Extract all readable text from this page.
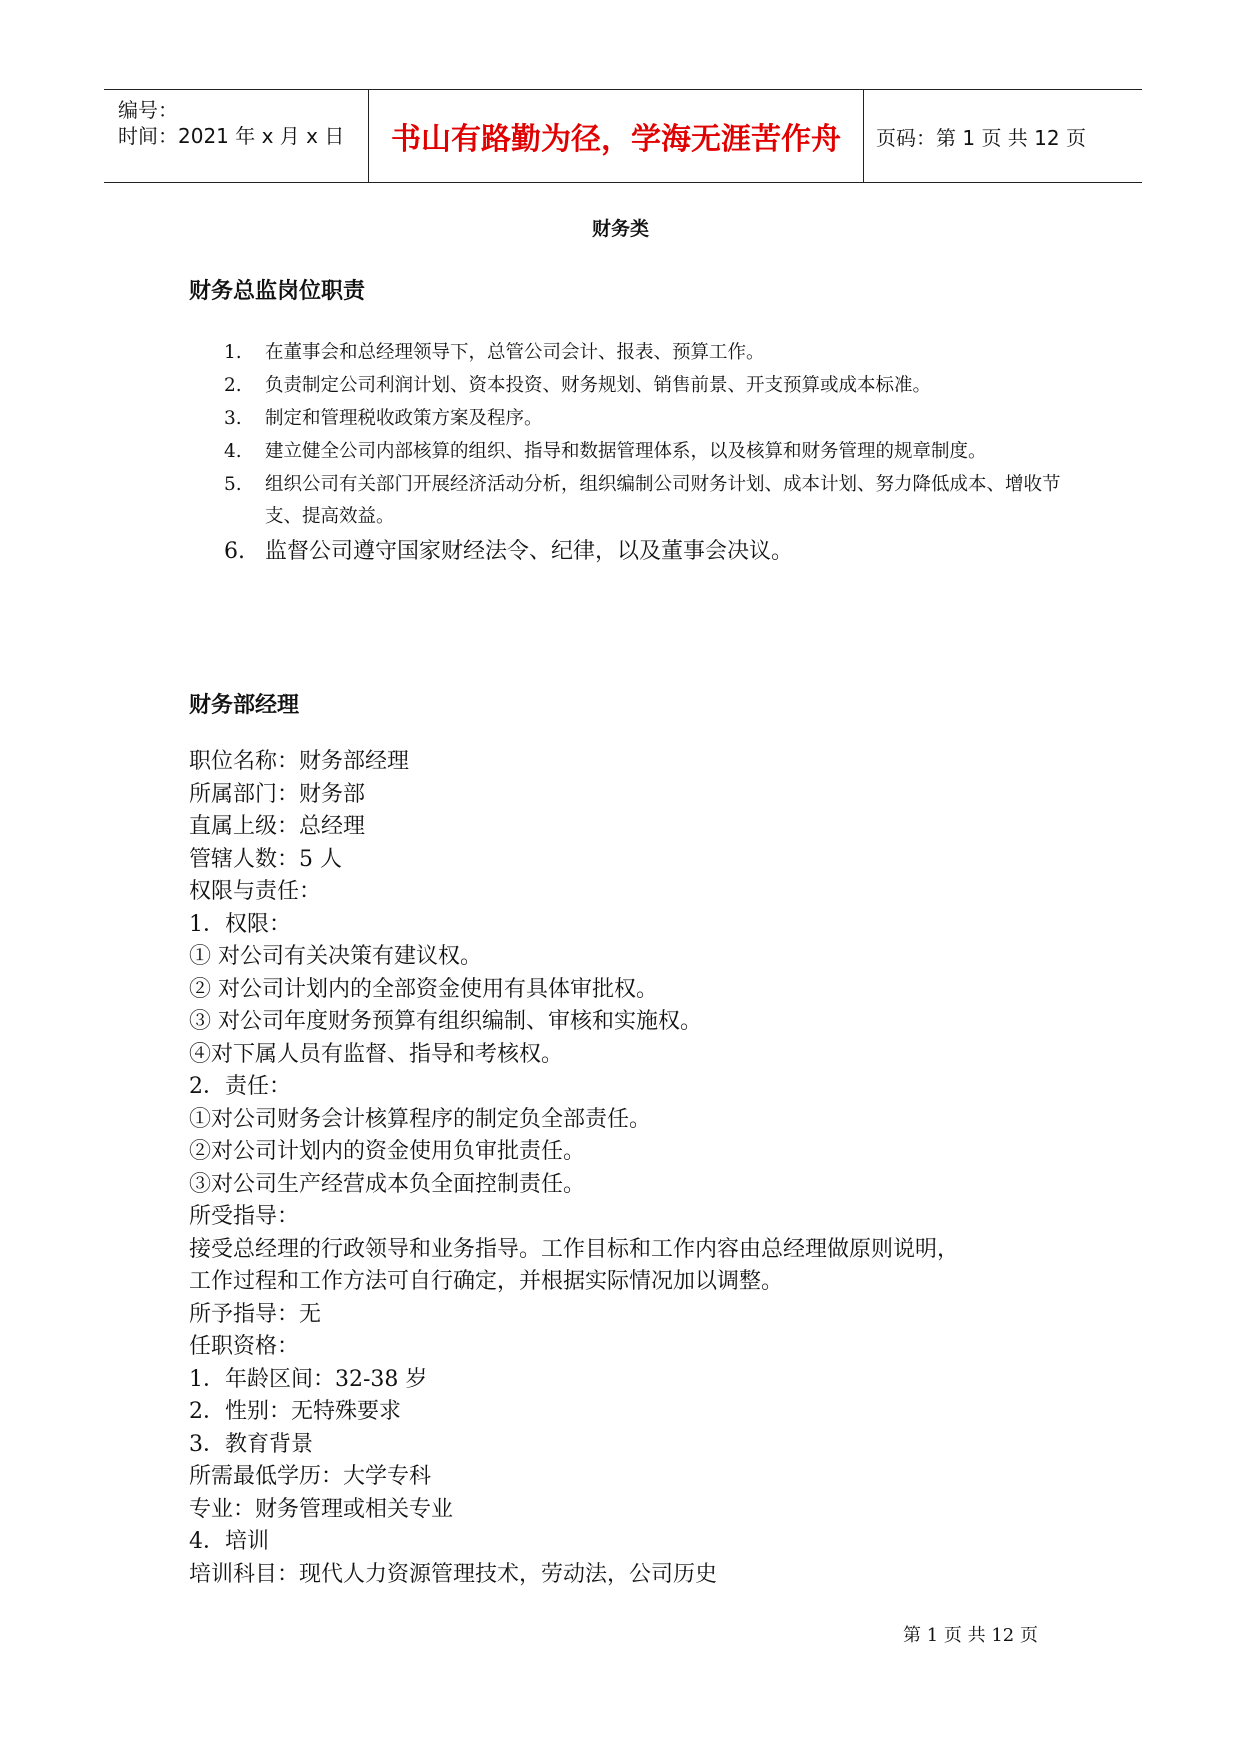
编号：
时间：2021 年 x 月 x 日 书山有路勤为径，学海无涯苦作舟 页码：第 1 页 共 12 页
财务类
财务总监岗位职责
1. 在董事会和总经理领导下，总管公司会计、报表、预算工作。
2. 负责制定公司利润计划、资本投资、财务规划、销售前景、开支预算或成本标准。
3. 制定和管理税收政策方案及程序。
4. 建立健全公司内部核算的组织、指导和数据管理体系，以及核算和财务管理的规章制度。
5. 组织公司有关部门开展经济活动分析，组织编制公司财务计划、成本计划、努力降低成本、增收节支、提高效益。
6. 监督公司遵守国家财经法令、纪律，以及董事会决议。
财务部经理
职位名称：财务部经理
所属部门：财务部
直属上级：总经理
管辖人数：5 人
权限与责任：
1．权限：
① 对公司有关决策有建议权。
② 对公司计划内的全部资金使用有具体审批权。
③ 对公司年度财务预算有组织编制、审核和实施权。
④对下属人员有监督、指导和考核权。
2．责任：
①对公司财务会计核算程序的制定负全部责任。
②对公司计划内的资金使用负审批责任。
③对公司生产经营成本负全面控制责任。
所受指导：
接受总经理的行政领导和业务指导。工作目标和工作内容由总经理做原则说明，
工作过程和工作方法可自行确定，并根据实际情况加以调整。
所予指导：无
任职资格：
1．年龄区间：32-38 岁
2．性别：无特殊要求
3．教育背景
所需最低学历：大学专科
专业：财务管理或相关专业
4．培训
培训科目：现代人力资源管理技术，劳动法，公司历史
第 1 页 共 12 页
